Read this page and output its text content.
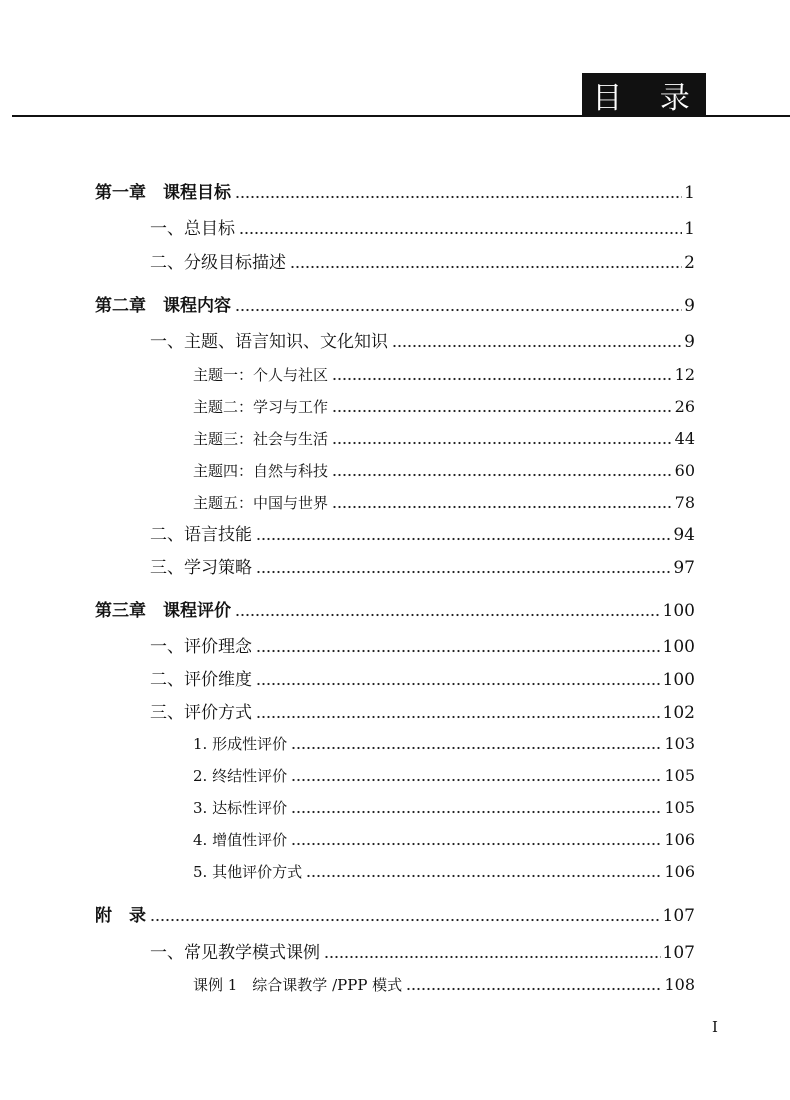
目 录
第一章　课程目标	1
一、总目标	1
二、分级目标描述	2
第二章　课程内容	9
一、主题、语言知识、文化知识	9
主题一：个人与社区	12
主题二：学习与工作	26
主题三：社会与生活	44
主题四：自然与科技	60
主题五：中国与世界	78
二、语言技能	94
三、学习策略	97
第三章　课程评价	100
一、评价理念	100
二、评价维度	100
三、评价方式	102
1. 形成性评价	103
2. 终结性评价	105
3. 达标性评价	105
4. 增值性评价	106
5. 其他评价方式	106
附　录	107
一、常见教学模式课例	107
课例 1　综合课教学 /PPP 模式	108
I
